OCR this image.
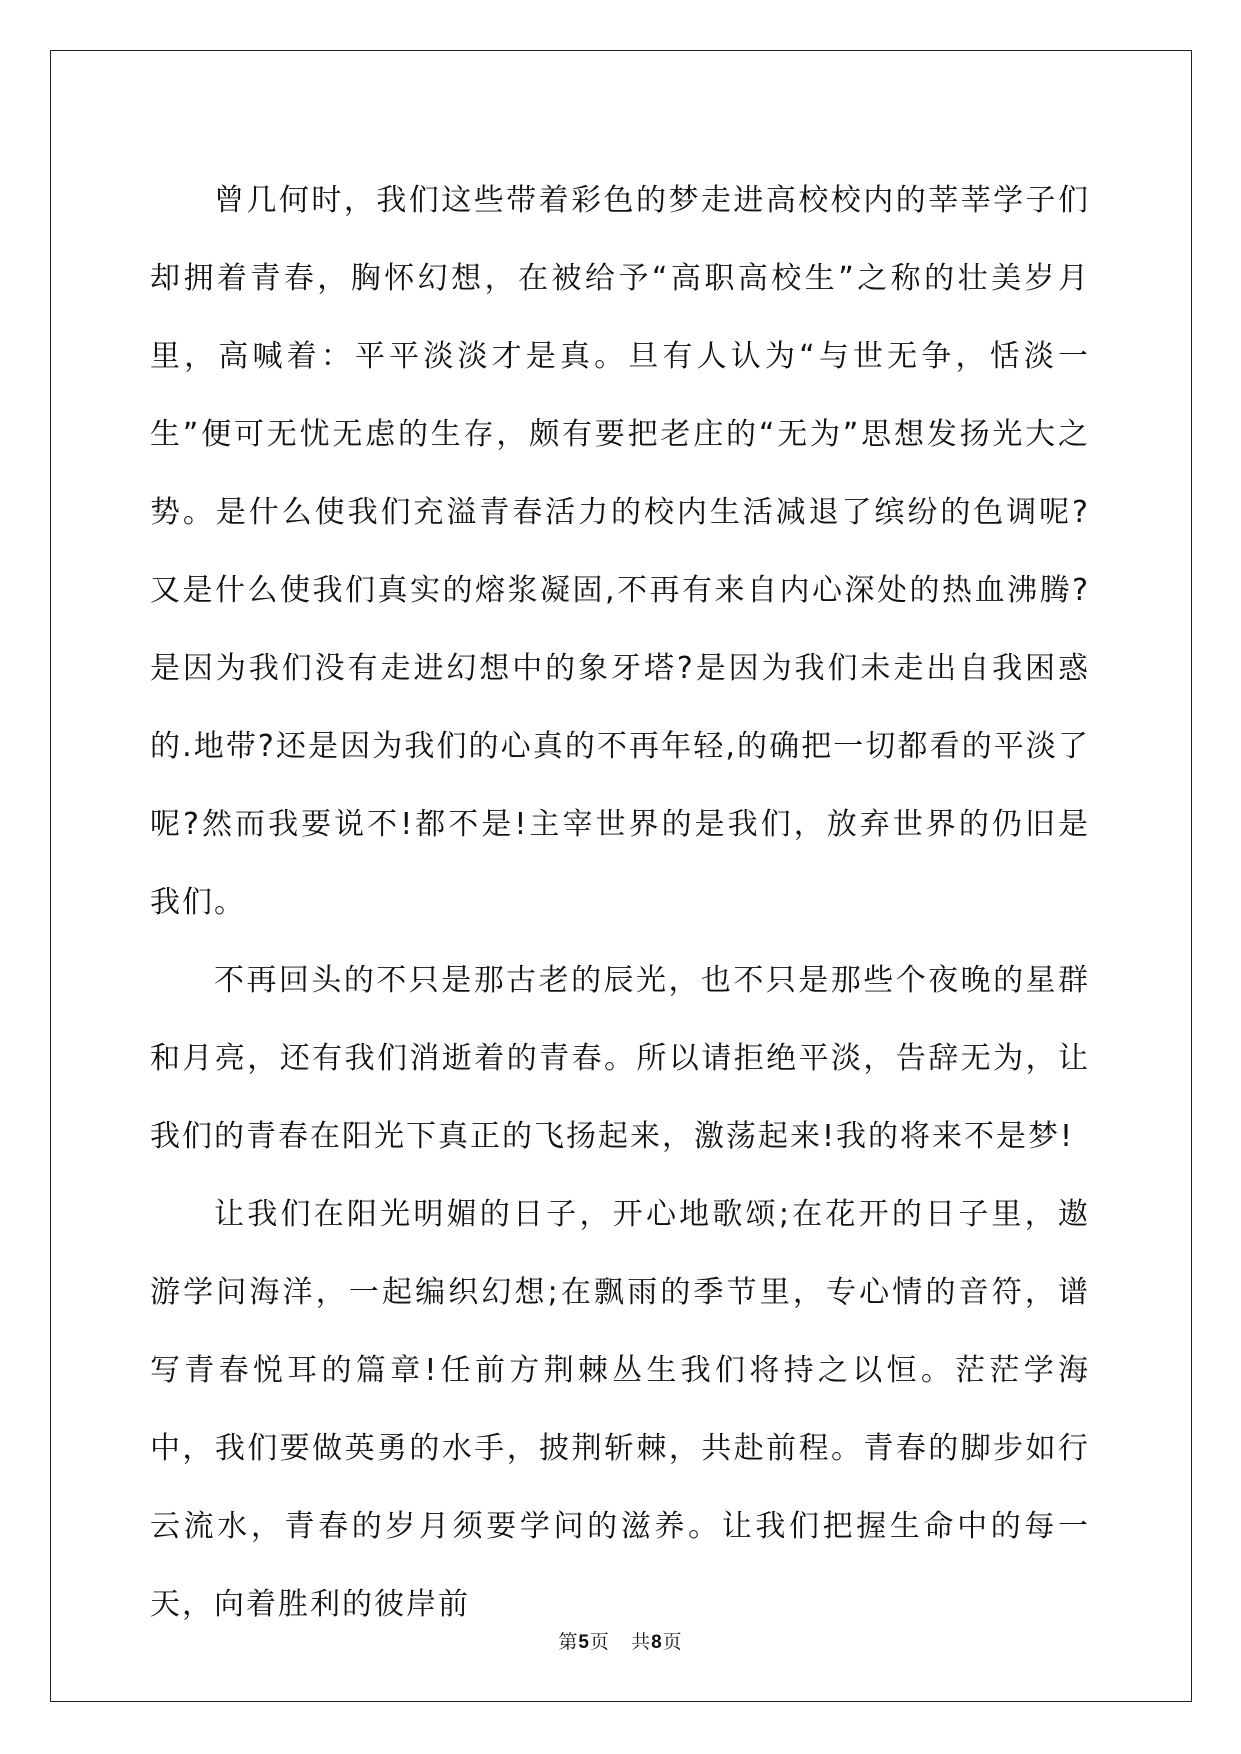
曾几何时，我们这些带着彩色的梦走进高校校内的莘莘学子们却拥着青春，胸怀幻想，在被给予“高职高校生”之称的壮美岁月里，高喊着：平平淡淡才是真。旦有人认为“与世无争，恬淡一生”便可无忧无虑的生存，颇有要把老庄的“无为”思想发扬光大之势。是什么使我们充溢青春活力的校内生活减退了缤纷的色调呢?又是什么使我们真实的熔浆凝固,不再有来自内心深处的热血沸腾?是因为我们没有走进幻想中的象牙塔?是因为我们未走出自我困惑的.地带?还是因为我们的心真的不再年轻,的确把一切都看的平淡了呢?然而我要说不!都不是!主宰世界的是我们，放弃世界的仍旧是我们。

不再回头的不只是那古老的辰光，也不只是那些个夜晚的星群和月亮，还有我们消逝着的青春。所以请拒绝平淡，告辞无为，让我们的青春在阳光下真正的飞扬起来，激荡起来!我的将来不是梦!

让我们在阳光明媚的日子，开心地歌颂;在花开的日子里，遨游学问海洋，一起编织幻想;在飘雨的季节里，专心情的音符，谱写青春悦耳的篇章!任前方荆棘丛生我们将持之以恒。茫茫学海中，我们要做英勇的水手，披荆斩棘，共赴前程。青春的脚步如行云流水，青春的岁月须要学问的滋养。让我们把握生命中的每一天，向着胜利的彼岸前

第5页 共8页
